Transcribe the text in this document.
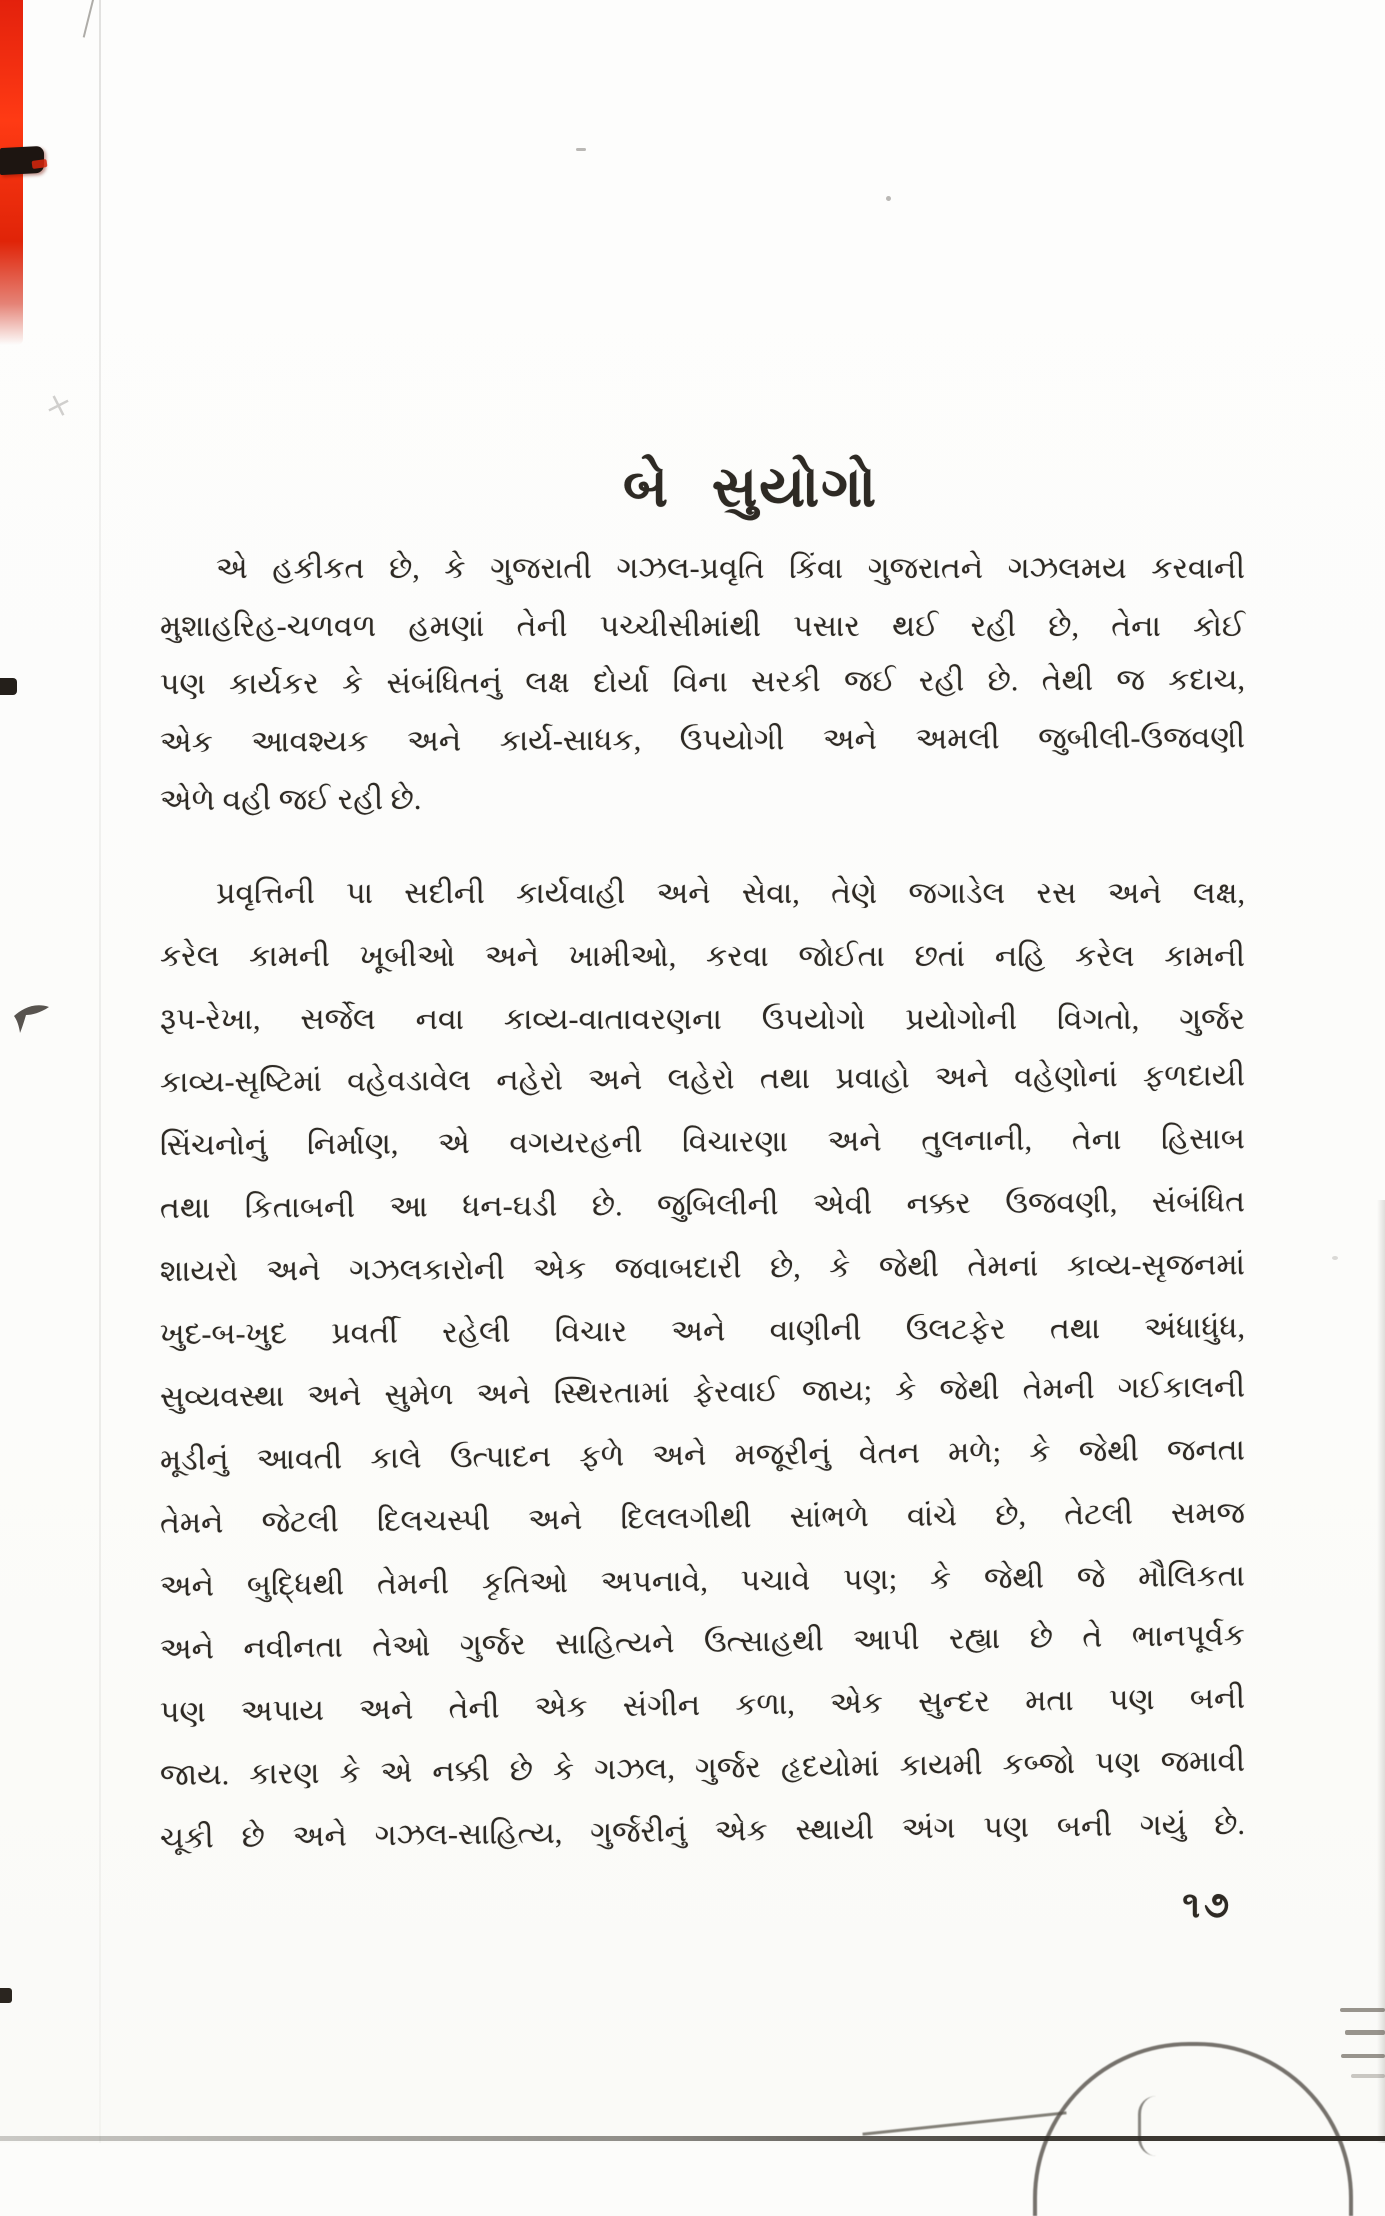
×
બે સુયોગો
એ હકીકત છે, કે ગુજરાતી ગઝલ-પ્રવૃતિ કિંવા ગુજરાતને ગઝલમય કરવાની
મુશાહરિહ-ચળવળ હમણાં તેની પચ્ચીસીમાંથી પસાર થઈ રહી છે, તેના કોઈ
પણ કાર્યકર કે સંબંધિતનું લક્ષ દોર્યા વિના સરકી જઈ રહી છે. તેથી જ કદાચ,
એક આવશ્યક અને કાર્ય-સાધક, ઉપયોગી અને અમલી જુબીલી-ઉજવણી
એળે વહી જઈ રહી છે.
પ્રવૃત્તિની પા સદીની કાર્યવાહી અને સેવા, તેણે જગાડેલ રસ અને લક્ષ,
કરેલ કામની ખૂબીઓ અને ખામીઓ, કરવા જોઈતા છતાં નહિ કરેલ કામની
રૂપ-રેખા, સર્જેલ નવા કાવ્ય-વાતાવરણના ઉપયોગો પ્રયોગોની વિગતો, ગુર્જર
કાવ્ય-સૃષ્ટિમાં વહેવડાવેલ નહેરો અને લહેરો તથા પ્રવાહો અને વહેણોનાં ફળદાયી
સિંચનોનું નિર્માણ, એ વગયરહની વિચારણા અને તુલનાની, તેના હિસાબ
તથા કિતાબની આ ધન-ઘડી છે. જુબિલીની એવી નક્કર ઉજવણી, સંબંધિત
શાયરો અને ગઝલકારોની એક જવાબદારી છે, કે જેથી તેમનાં કાવ્ય-સૃજનમાં
ખુદ-બ-ખુદ પ્રવર્તી રહેલી વિચાર અને વાણીની ઉલટફેર તથા અંધાધુંધ,
સુવ્યવસ્થા અને સુમેળ અને સ્થિરતામાં ફેરવાઈ જાય; કે જેથી તેમની ગઈકાલની
મૂડીનું આવતી કાલે ઉત્પાદન ફળે અને મજૂરીનું વેતન મળે; કે જેથી જનતા
તેમને જેટલી દિલચસ્પી અને દિલલગીથી સાંભળે વાંચે છે, તેટલી સમજ
અને બુદ્ધિથી તેમની કૃતિઓ અપનાવે, પચાવે પણ; કે જેથી જે મૌલિકતા
અને નવીનતા તેઓ ગુર્જર સાહિત્યને ઉત્સાહથી આપી રહ્યા છે તે ભાનપૂર્વક
પણ અપાય અને તેની એક સંગીન કળા, એક સુન્દર મતા પણ બની
જાય. કારણ કે એ નક્કી છે કે ગઝલ, ગુર્જર હૃદયોમાં કાયમી કબ્જો પણ જમાવી
ચૂકી છે અને ગઝલ-સાહિત્ય, ગુર્જરીનું એક સ્થાયી અંગ પણ બની ગયું છે.
૧૭
